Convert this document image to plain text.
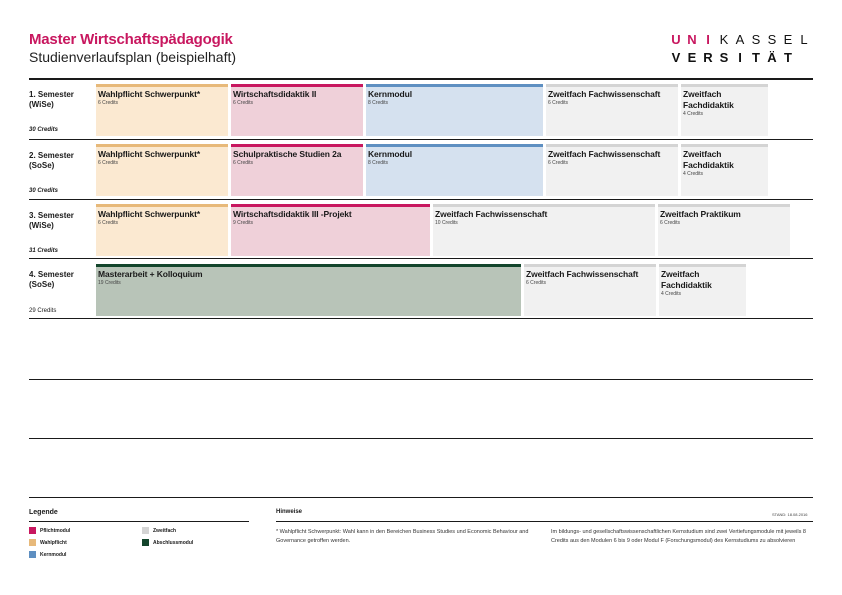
Master Wirtschaftspädagogik
Studienverlaufsplan (beispielhaft)
U N I K A S S E L
V E R S I T Ä T
1. Semester
(WiSe)
30 Credits
Wahlpflicht Schwerpunkt*
6 Credits
Wirtschaftsdidaktik II
6 Credits
Kernmodul
8 Credits
Zweitfach Fachwissenschaft
6 Credits
Zweitfach Fachdidaktik
4 Credits
2. Semester
(SoSe)
30 Credits
Wahlpflicht Schwerpunkt*
6 Credits
Schulpraktische Studien 2a
6 Credits
Kernmodul
8 Credits
Zweitfach Fachwissenschaft
6 Credits
Zweitfach Fachdidaktik
4 Credits
3. Semester
(WiSe)
31 Credits
Wahlpflicht Schwerpunkt*
6 Credits
Wirtschaftsdidaktik III -Projekt
9 Credits
Zweitfach Fachwissenschaft
10 Credits
Zweitfach Praktikum
6 Credits
4. Semester
(SoSe)
29 Credits
Masterarbeit + Kolloquium
19 Credits
Zweitfach Fachwissenschaft
6 Credits
Zweitfach Fachdidaktik
4 Credits
Legende
Pflichtmodul	Zweitfach
Wahlpflicht	Abschlussmodul
Kernmodul
Hinweise	STAND: 18.08.2016
* Wahlpflicht Schwerpunkt: Wahl kann in den Bereichen Business Studies und Economic Behaviour and Governance getroffen werden.
Im bildungs- und gesellschaftswissenschaftlichen Kernstudium sind zwei Vertiefungsmodule mit jeweils 8 Credits aus den Modulen 6 bis 9 oder Modul F (Forschungsmodul) des Kernstudiums zu absolvieren
